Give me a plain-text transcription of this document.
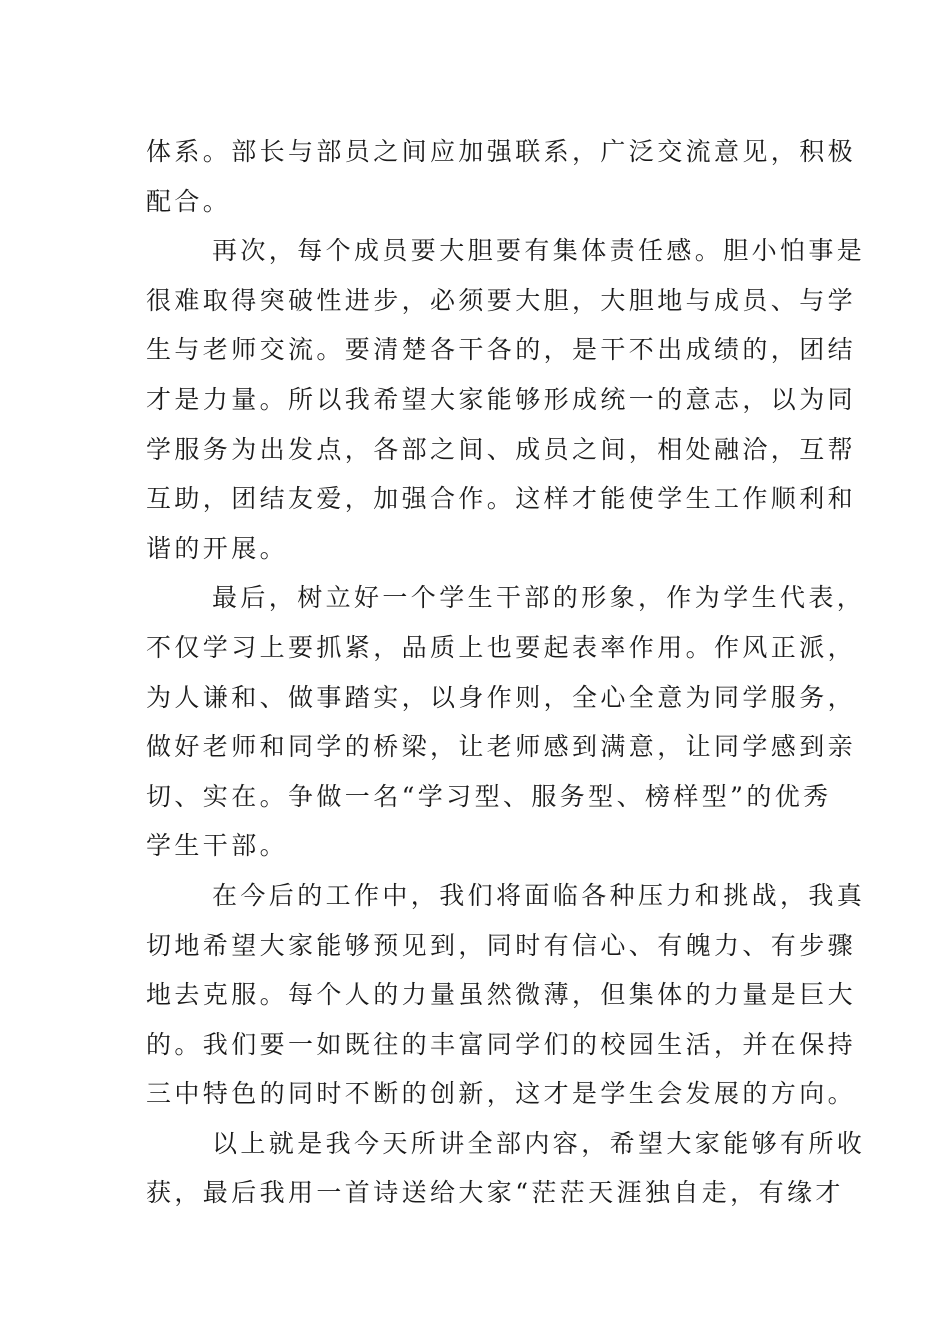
体系。部长与部员之间应加强联系，广泛交流意见，积极
配合。
再次，每个成员要大胆要有集体责任感。胆小怕事是
很难取得突破性进步，必须要大胆，大胆地与成员、与学
生与老师交流。要清楚各干各的，是干不出成绩的，团结
才是力量。所以我希望大家能够形成统一的意志，以为同
学服务为出发点，各部之间、成员之间，相处融洽，互帮
互助，团结友爱，加强合作。这样才能使学生工作顺利和
谐的开展。
最后，树立好一个学生干部的形象，作为学生代表，
不仅学习上要抓紧，品质上也要起表率作用。作风正派，
为人谦和、做事踏实，以身作则，全心全意为同学服务，
做好老师和同学的桥梁，让老师感到满意，让同学感到亲
切、实在。争做一名“学习型、服务型、榜样型”的优秀
学生干部。
在今后的工作中，我们将面临各种压力和挑战，我真
切地希望大家能够预见到，同时有信心、有魄力、有步骤
地去克服。每个人的力量虽然微薄，但集体的力量是巨大
的。我们要一如既往的丰富同学们的校园生活，并在保持
三中特色的同时不断的创新，这才是学生会发展的方向。
以上就是我今天所讲全部内容，希望大家能够有所收
获，最后我用一首诗送给大家“茫茫天涯独自走，有缘才
